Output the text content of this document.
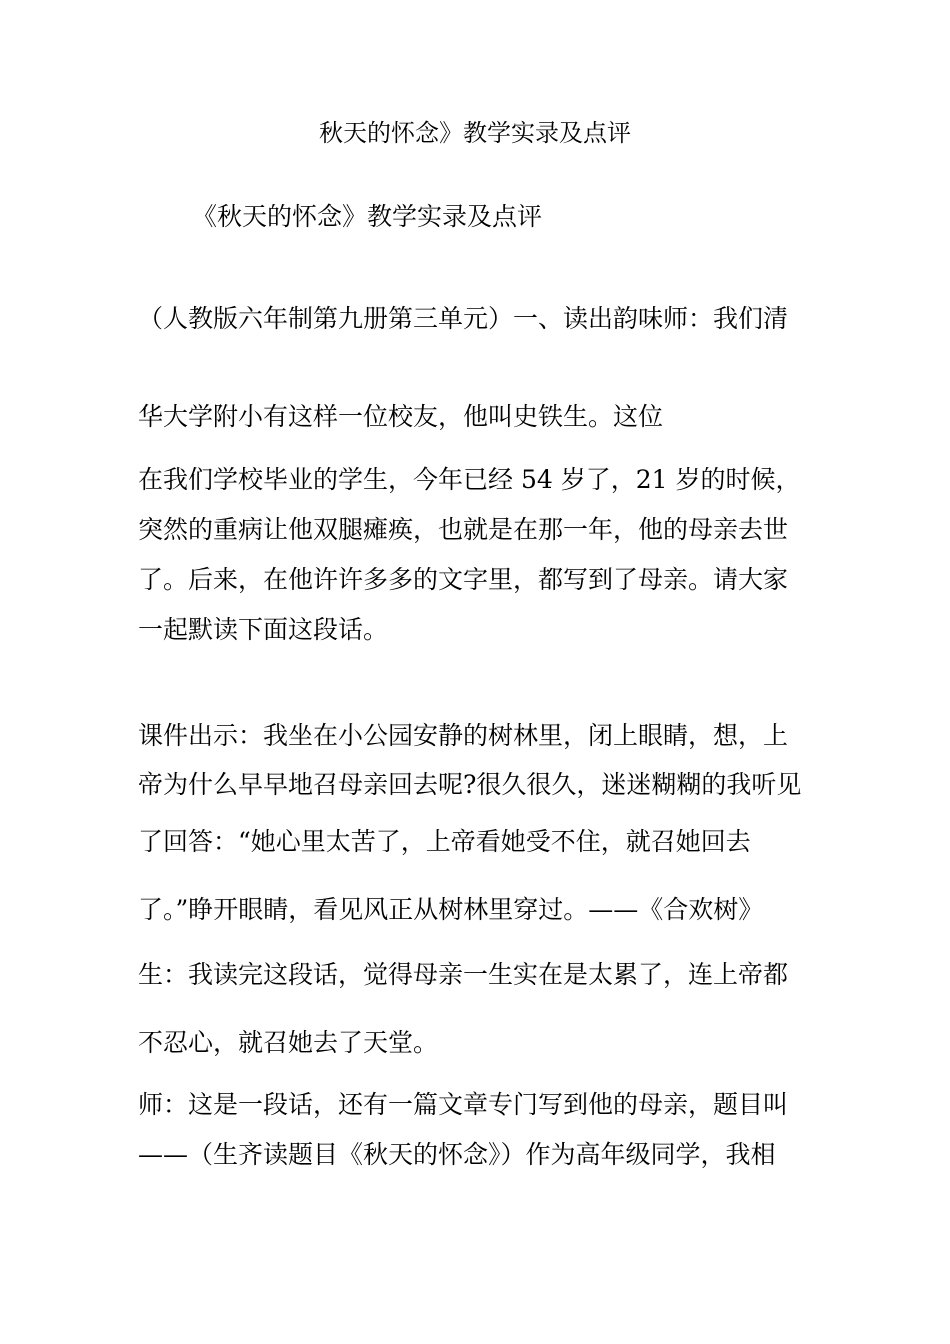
秋天的怀念》教学实录及点评
《秋天的怀念》教学实录及点评
（人教版六年制第九册第三单元）一、读出韵味师：我们清
华大学附小有这样一位校友，他叫史铁生。这位
在我们学校毕业的学生，今年已经 54 岁了，21 岁的时候，
突然的重病让他双腿瘫痪，也就是在那一年，他的母亲去世
了。后来，在他许许多多的文字里，都写到了母亲。请大家
一起默读下面这段话。
课件出示：我坐在小公园安静的树林里，闭上眼睛，想，上
帝为什么早早地召母亲回去呢?很久很久，迷迷糊糊的我听见
了回答：“她心里太苦了，上帝看她受不住，就召她回去
了。”睁开眼睛，看见风正从树林里穿过。——《合欢树》
生：我读完这段话，觉得母亲一生实在是太累了，连上帝都
不忍心，就召她去了天堂。
师：这是一段话，还有一篇文章专门写到他的母亲，题目叫
——（生齐读题目《秋天的怀念》）作为高年级同学，我相
